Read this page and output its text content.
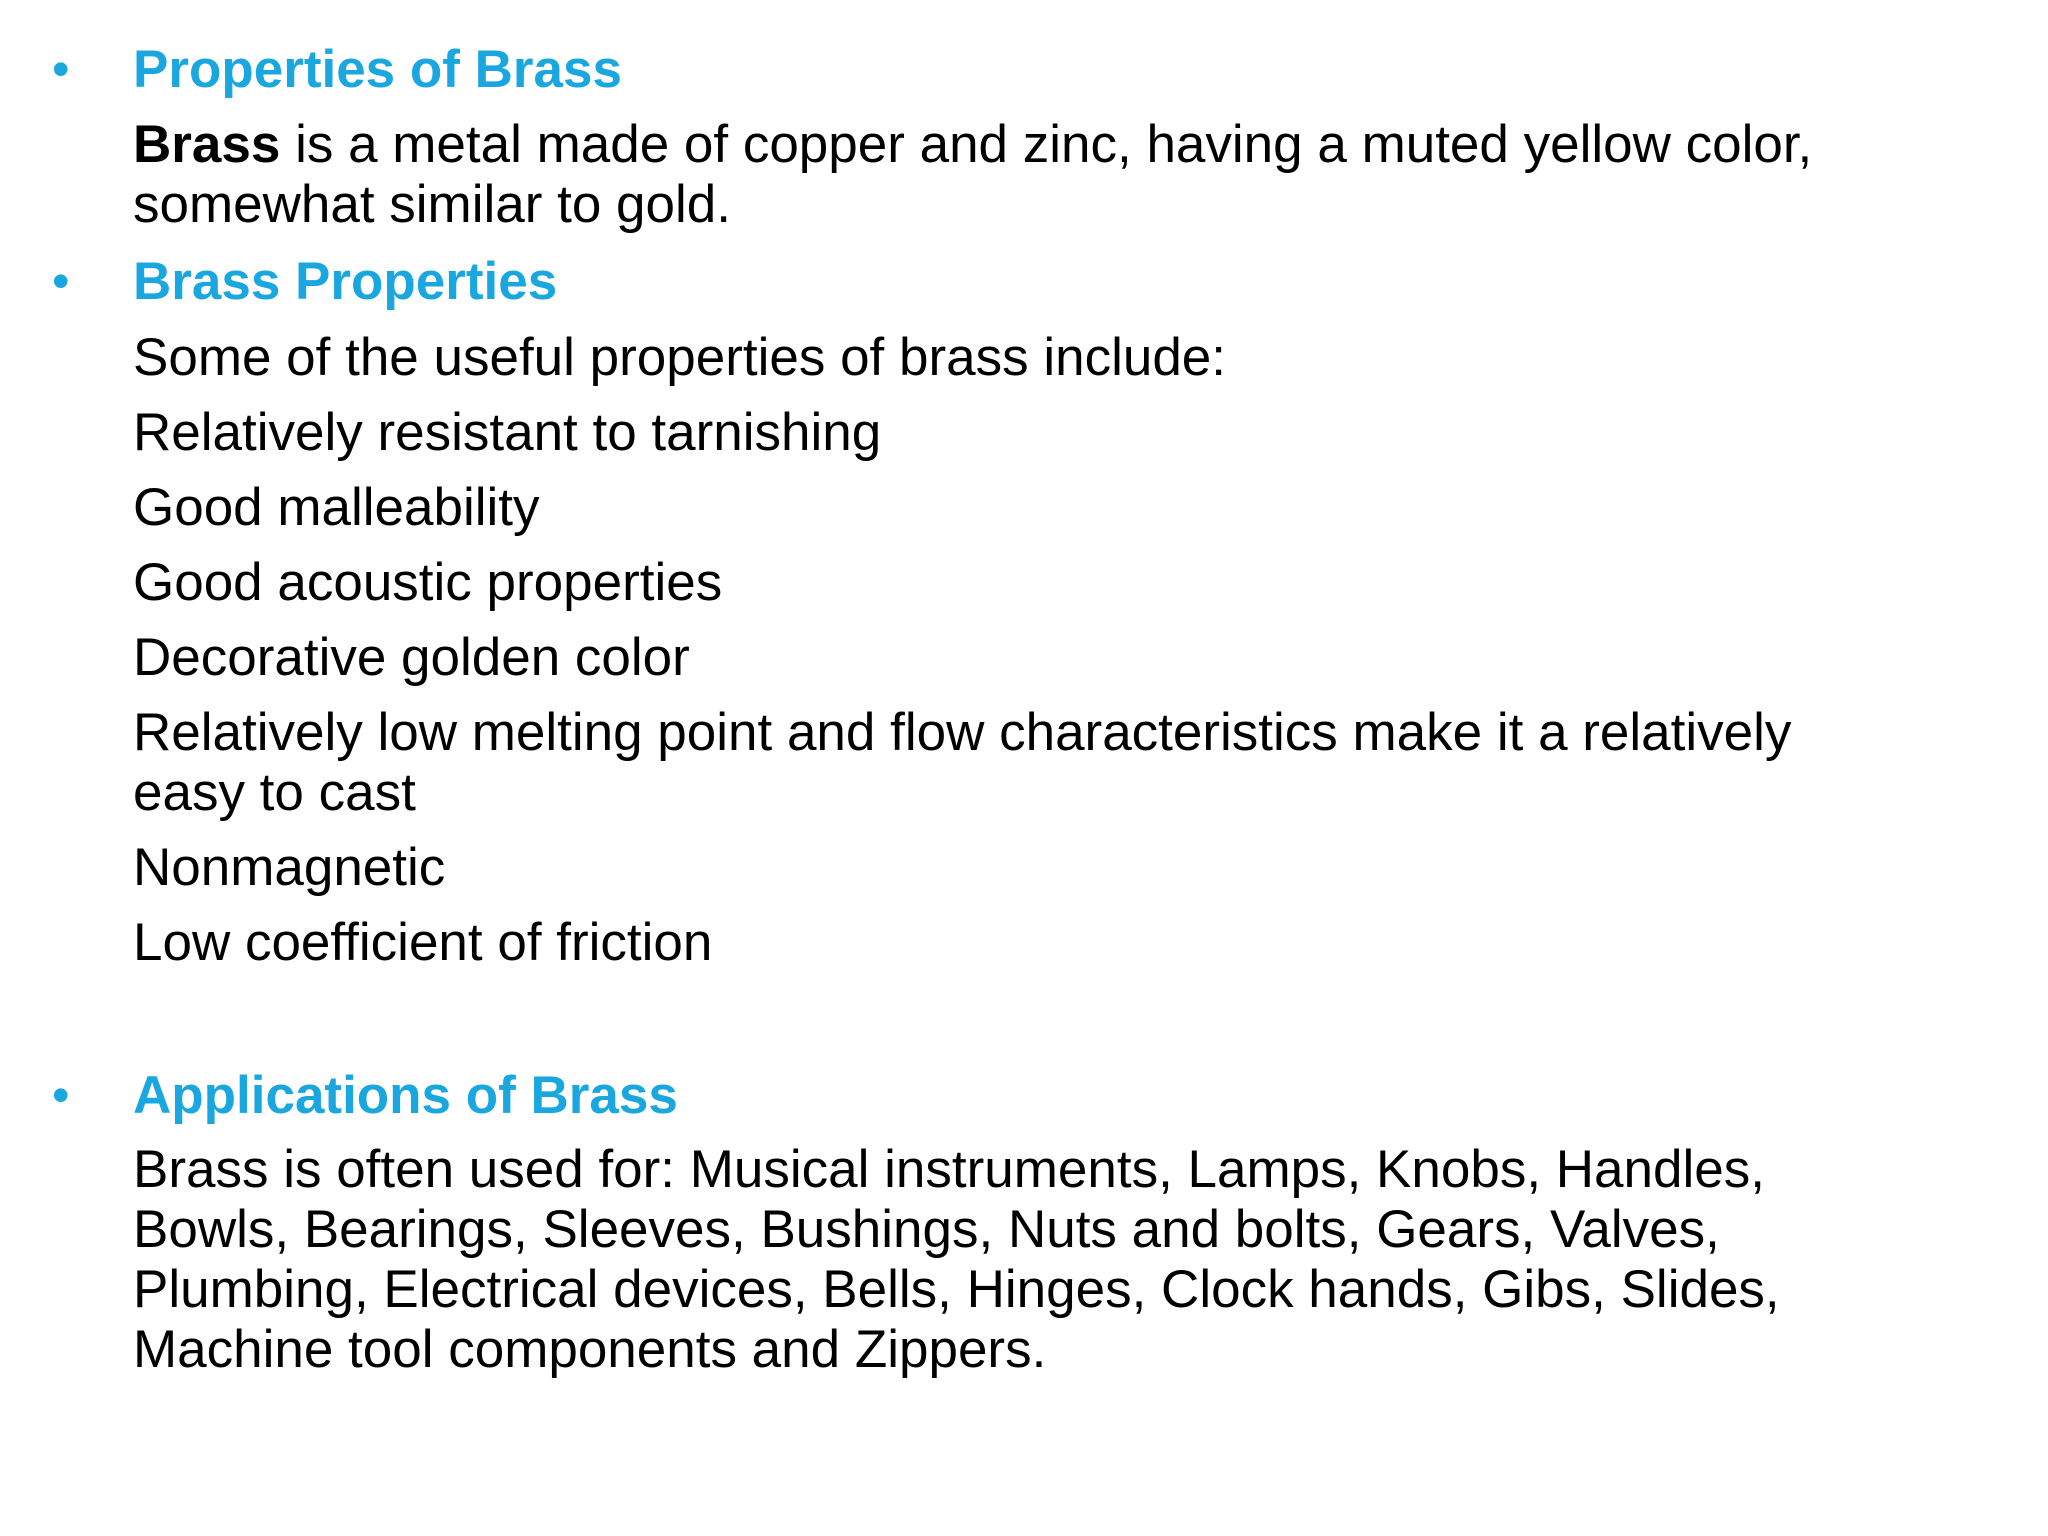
• Properties of Brass
Brass is a metal made of copper and zinc, having a muted yellow color,
somewhat similar to gold.
• Brass Properties
Some of the useful properties of brass include:
Relatively resistant to tarnishing
Good malleability
Good acoustic properties
Decorative golden color
Relatively low melting point and flow characteristics make it a relatively
easy to cast
Nonmagnetic
Low coefficient of friction
• Applications of Brass
Brass is often used for: Musical instruments, Lamps, Knobs, Handles,
Bowls, Bearings, Sleeves, Bushings, Nuts and bolts, Gears, Valves,
Plumbing, Electrical devices, Bells, Hinges, Clock hands, Gibs, Slides,
Machine tool components and Zippers.
